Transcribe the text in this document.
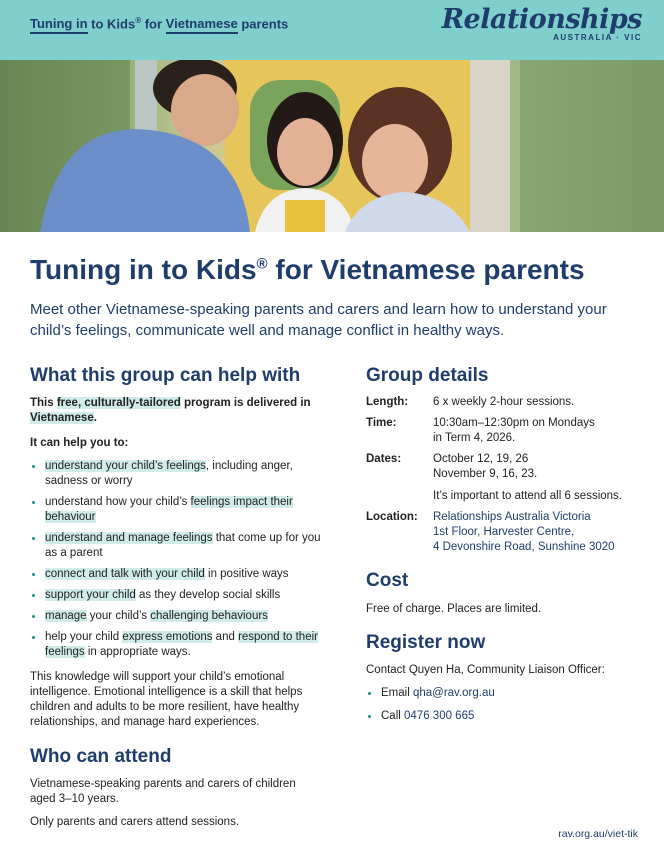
Tuning in to Kids® for Vietnamese parents	Relationships
AUSTRALIA · VIC
Tuning in to Kids® for Vietnamese parents

Meet other Vietnamese-speaking parents and carers and learn how to understand your child’s feelings, communicate well and manage conflict in healthy ways.

What this group can help with

This free, culturally-tailored program is delivered in Vietnamese.

It can help you to:

understand your child’s feelings, including anger, sadness or worry
understand how your child’s feelings impact their behaviour
understand and manage feelings that come up for you as a parent
connect and talk with your child in positive ways
support your child as they develop social skills
manage your child’s challenging behaviours
help your child express emotions and respond to their feelings in appropriate ways.

This knowledge will support your child’s emotional intelligence. Emotional intelligence is a skill that helps children and adults to be more resilient, have healthy relationships, and manage hard experiences.

Who can attend

Vietnamese-speaking parents and carers of children aged 3–10 years.

Only parents and carers attend sessions.

Group details
Length:	6 x weekly 2-hour sessions.
Time:	10:30am–12:30pm on Mondays
in Term 4, 2026.
Dates:	October 12, 19, 26
November 9, 16, 23.
It’s important to attend all 6 sessions.
Location:	Relationships Australia Victoria
1st Floor, Harvester Centre,
4 Devonshire Road, Sunshine 3020
Cost

Free of charge. Places are limited.

Register now

Contact Quyen Ha, Community Liaison Officer:

Email qha@rav.org.au
Call 0476 300 665
rav.org.au/viet-tik
